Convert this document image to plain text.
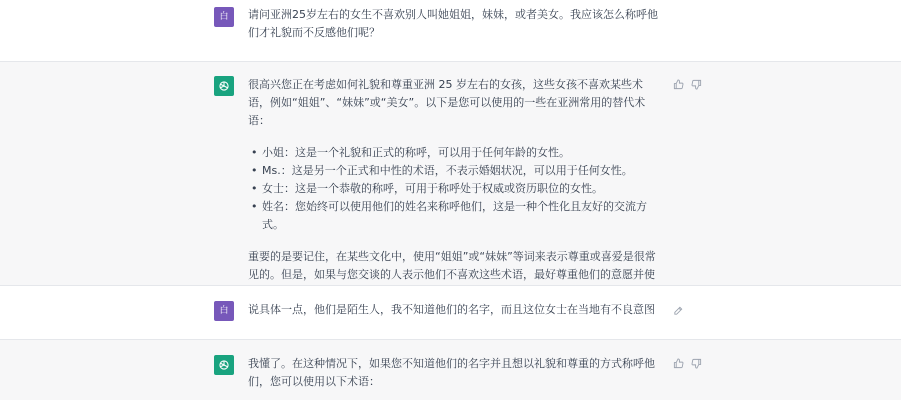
白	请问亚洲25岁左右的女生不喜欢别人叫她姐姐，妹妹，或者美女。我应该怎么称呼他们才礼貌而不反感他们呢？

很高兴您正在考虑如何礼貌和尊重亚洲 25 岁左右的女孩，这些女孩不喜欢某些术语，例如“姐姐”、“妹妹”或“美女”。以下是您可以使用的一些在亚洲常用的替代术语：

• 小姐：这是一个礼貌和正式的称呼，可以用于任何年龄的女性。
• Ms.：这是另一个正式和中性的术语，不表示婚姻状况，可以用于任何女性。
• 女士：这是一个恭敬的称呼，可用于称呼处于权威或资历职位的女性。
• 姓名：您始终可以使用他们的姓名来称呼他们，这是一种个性化且友好的交流方式。

重要的是要记住，在某些文化中，使用“姐姐”或“妹妹”等词来表示尊重或喜爱是很常见的。但是，如果与您交谈的人表示他们不喜欢这些术语，最好尊重他们的意愿并使

白	说具体一点，他们是陌生人，我不知道他们的名字，而且这位女士在当地有不良意图

我懂了。在这种情况下，如果您不知道他们的名字并且想以礼貌和尊重的方式称呼他们，您可以使用以下术语：
